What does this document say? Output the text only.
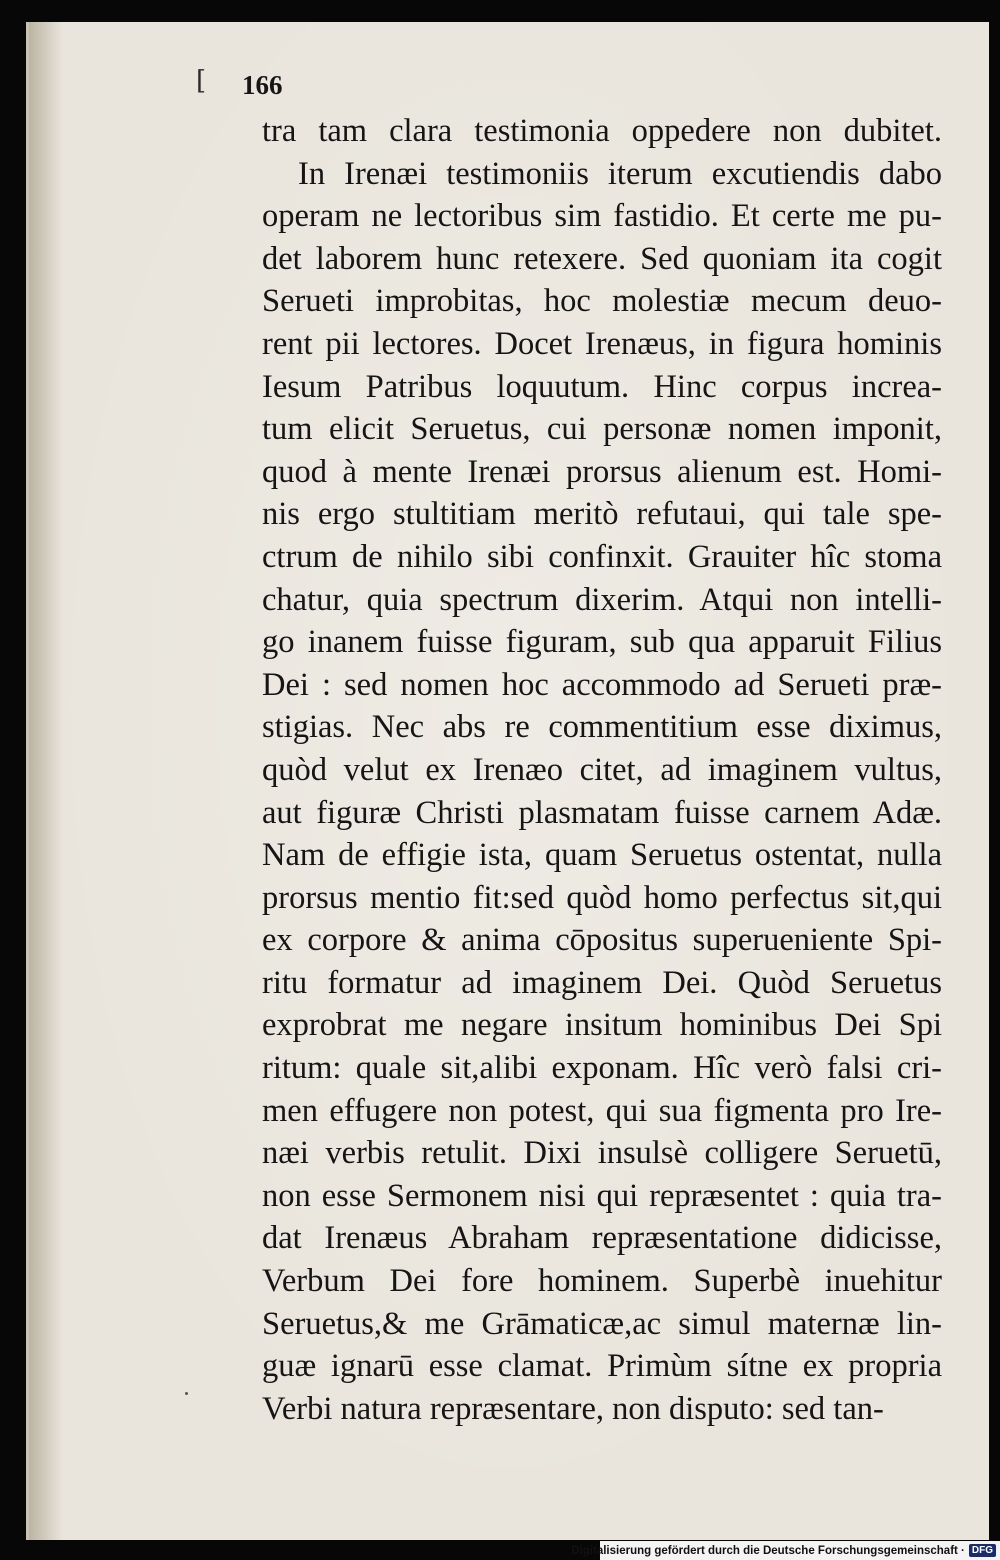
[ 166
tra tam clara testimonia oppedere non dubitet.
In Irenæi testimoniis iterum excutiendis dabo
operam ne lectoribus sim fastidio. Et certe me pu-
det laborem hunc retexere. Sed quoniam ita cogit
Serueti improbitas, hoc molestiæ mecum deuo-
rent pii lectores. Docet Irenæus, in figura hominis
Iesum Patribus loquutum. Hinc corpus increa-
tum elicit Seruetus, cui personæ nomen imponit,
quod à mente Irenæi prorsus alienum est. Homi-
nis ergo stultitiam meritò refutaui, qui tale spe-
ctrum de nihilo sibi confinxit. Grauiter hîc stoma
chatur, quia spectrum dixerim. Atqui non intelli-
go inanem fuisse figuram, sub qua apparuit Filius
Dei : sed nomen hoc accommodo ad Serueti præ-
stigias. Nec abs re commentitium esse diximus,
quòd velut ex Irenæo citet, ad imaginem vultus,
aut figuræ Christi plasmatam fuisse carnem Adæ.
Nam de effigie ista, quam Seruetus ostentat, nulla
prorsus mentio fit:sed quòd homo perfectus sit,qui
ex corpore & anima cōpositus superueniente Spi-
ritu formatur ad imaginem Dei. Quòd Seruetus
exprobrat me negare insitum hominibus Dei Spi
ritum: quale sit,alibi exponam. Hîc verò falsi cri-
men effugere non potest, qui sua figmenta pro Ire-
næi verbis retulit. Dixi insulsè colligere Seruetū,
non esse Sermonem nisi qui repræsentet : quia tra-
dat Irenæus Abraham repræsentatione didicisse,
Verbum Dei fore hominem. Superbè inuehitur
Seruetus,& me Grāmaticæ,ac simul maternæ lin-
guæ ignarū esse clamat. Primùm sítne ex propria
Verbi natura repræsentare, non disputo: sed tan-
Digitalisierung gefördert durch die Deutsche Forschungsgemeinschaft · DFG
